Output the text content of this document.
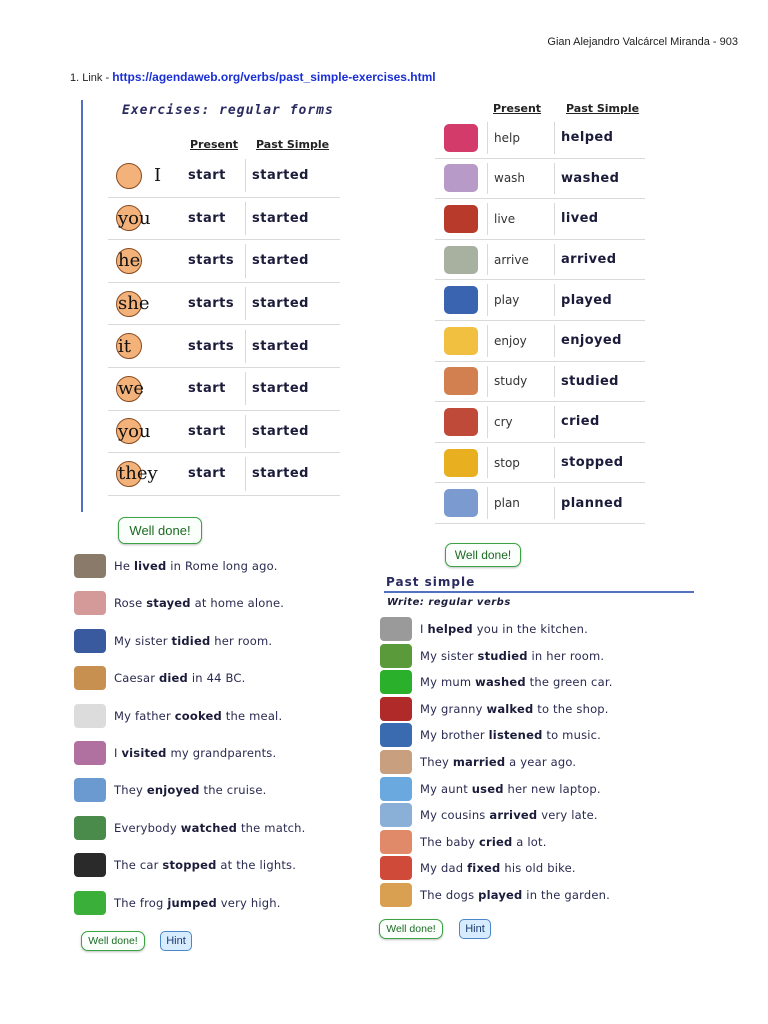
Gian Alejandro Valcárcel Miranda - 903
1. Link - https://agendaweb.org/verbs/past_simple-exercises.html
Exercises: regular forms
Present Past Simple
I	start	started
you	start	started
he	starts	started
she	starts	started
it	starts	started
we	start	started
you	start	started
they	start	started
Well done!
Present Past Simple
help	helped
wash	washed
live	lived
arrive	arrived
play	played
enjoy	enjoyed
study	studied
cry	cried
stop	stopped
plan	planned
Well done!
He lived in Rome long ago.
Rose stayed at home alone.
My sister tidied her room.
Caesar died in 44 BC.
My father cooked the meal.
I visited my grandparents.
They enjoyed the cruise.
Everybody watched the match.
The car stopped at the lights.
The frog jumped very high.
Well done!	Hint
Past simple
Write: regular verbs
I helped you in the kitchen.
My sister studied in her room.
My mum washed the green car.
My granny walked to the shop.
My brother listened to music.
They married a year ago.
My aunt used her new laptop.
My cousins arrived very late.
The baby cried a lot.
My dad fixed his old bike.
The dogs played in the garden.
Well done!	Hint
